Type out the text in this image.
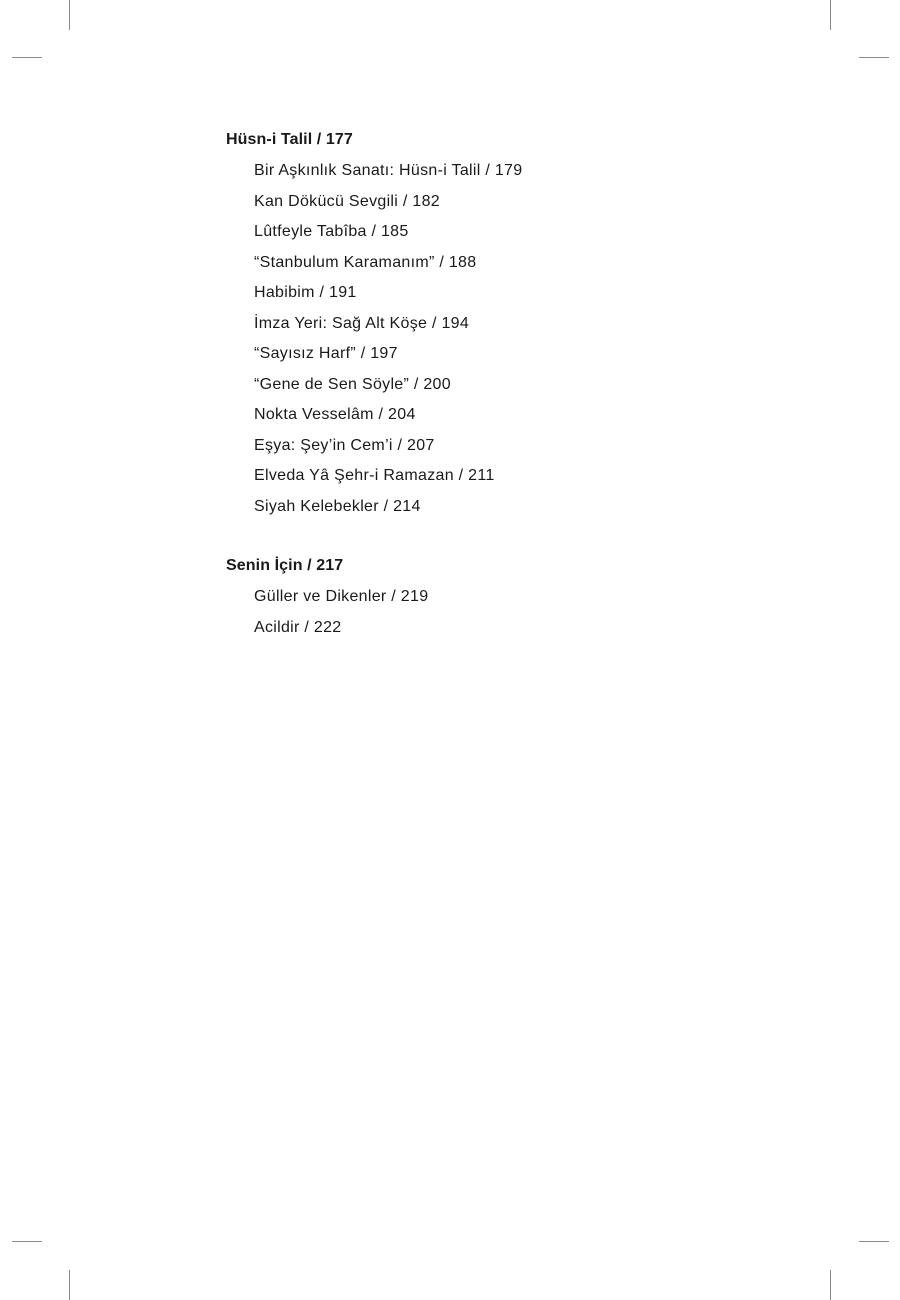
Hüsn-i Talil / 177
Bir Aşkınlık Sanatı: Hüsn-i Talil / 179
Kan Dökücü Sevgili / 182
Lûtfeyle Tabîba / 185
“Stanbulum Karamanım” / 188
Habibim / 191
İmza Yeri: Sağ Alt Köşe / 194
“Sayısız Harf” / 197
“Gene de Sen Söyle” / 200
Nokta Vesselâm / 204
Eşya: Şey’in Cem’i / 207
Elveda Yâ Şehr-i Ramazan / 211
Siyah Kelebekler / 214
Senin İçin / 217
Güller ve Dikenler / 219
Acildir / 222
